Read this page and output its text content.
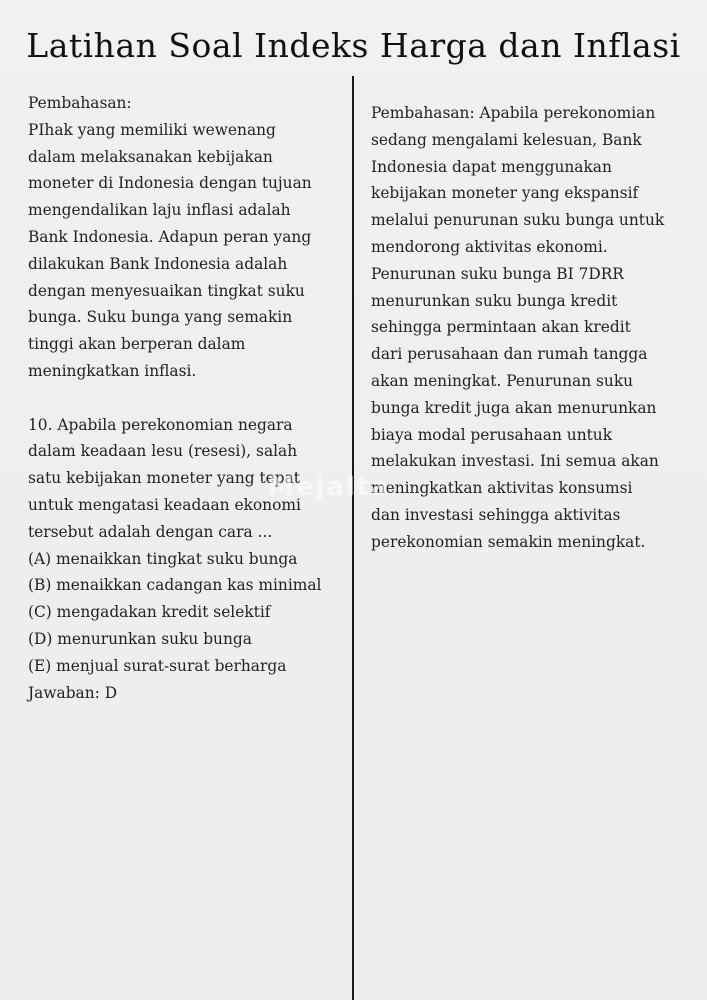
Latihan Soal Indeks Harga dan Inflasi
Pembahasan:
PIhak yang memiliki wewenang
dalam melaksanakan kebijakan
moneter di Indonesia dengan tujuan
mengendalikan laju inflasi adalah
Bank Indonesia. Adapun peran yang
dilakukan Bank Indonesia adalah
dengan menyesuaikan tingkat suku
bunga. Suku bunga yang semakin
tinggi akan berperan dalam
meningkatkan inflasi.
10. Apabila perekonomian negara
dalam keadaan lesu (resesi), salah
satu kebijakan moneter yang tepat
untuk mengatasi keadaan ekonomi
tersebut adalah dengan cara ...
(A) menaikkan tingkat suku bunga
(B) menaikkan cadangan kas minimal
(C) mengadakan kredit selektif
(D) menurunkan suku bunga
(E) menjual surat-surat berharga
Jawaban: D
Pembahasan: Apabila perekonomian
sedang mengalami kelesuan, Bank
Indonesia dapat menggunakan
kebijakan moneter yang ekspansif
melalui penurunan suku bunga untuk
mendorong aktivitas ekonomi.
Penurunan suku bunga BI 7DRR
menurunkan suku bunga kredit
sehingga permintaan akan kredit
dari perusahaan dan rumah tangga
akan meningkat. Penurunan suku
bunga kredit juga akan menurunkan
biaya modal perusahaan untuk
melakukan investasi. Ini semua akan
meningkatkan aktivitas konsumsi
dan investasi sehingga aktivitas
perekonomian semakin meningkat.
Mejalta
